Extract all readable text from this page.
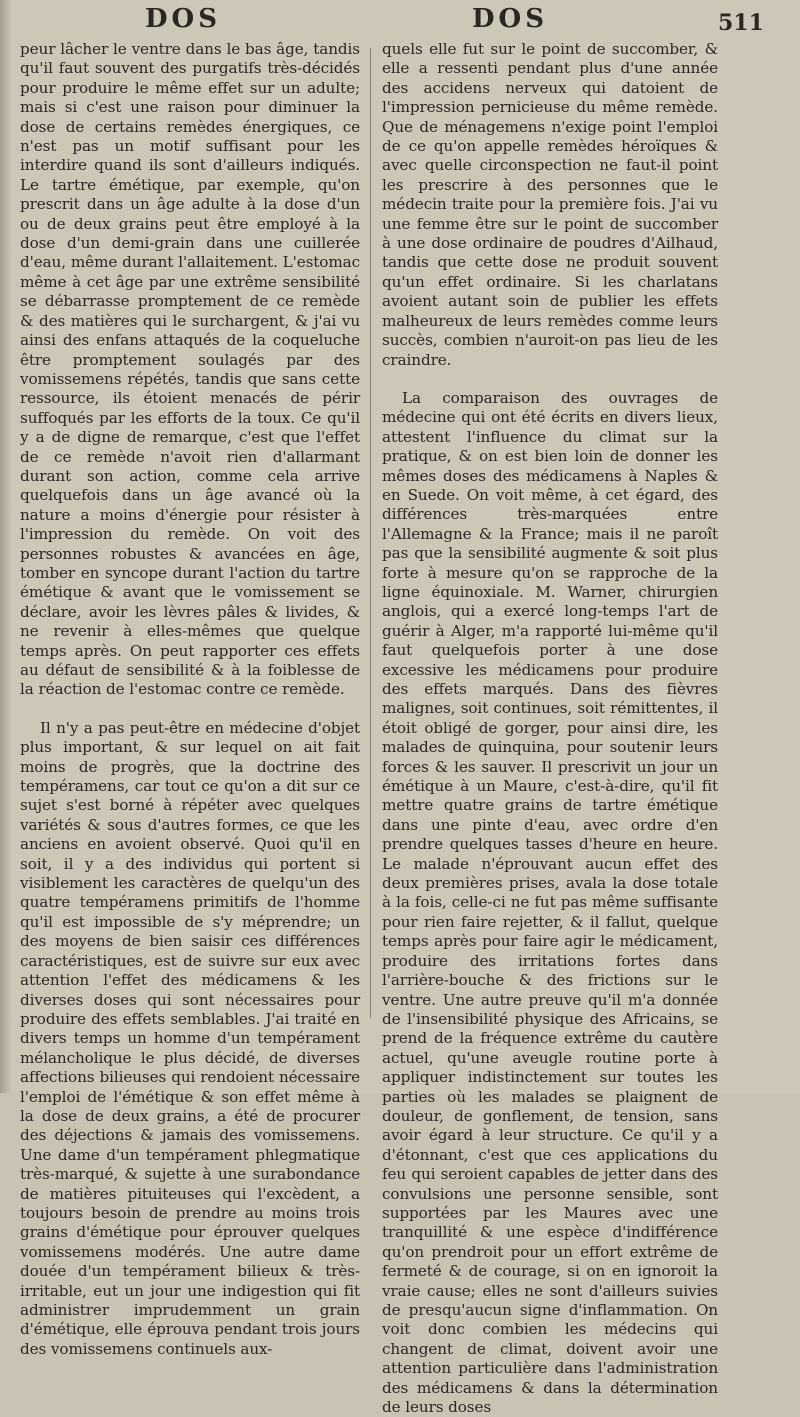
DOS	DOS	511

peur lâcher le ventre dans le bas âge, tandis qu'il faut souvent des purgatifs très-décidés pour produire le même effet sur un adulte; mais si c'est une raison pour diminuer la dose de certains remèdes énergiques, ce n'est pas un motif suffisant pour les interdire quand ils sont d'ailleurs indiqués. Le tartre émétique, par exemple, qu'on prescrit dans un âge adulte à la dose d'un ou de deux grains peut être employé à la dose d'un demi-grain dans une cuillerée d'eau, même durant l'allaitement. L'estomac même à cet âge par une extrême sensibilité se débarrasse promptement de ce remède & des matières qui le surchargent, & j'ai vu ainsi des enfans attaqués de la coqueluche être promptement soulagés par des vomissemens répétés, tandis que sans cette ressource, ils étoient menacés de périr suffoqués par les efforts de la toux. Ce qu'il y a de digne de remarque, c'est que l'effet de ce remède n'avoit rien d'allarmant durant son action, comme cela arrive quelquefois dans un âge avancé où la nature a moins d'énergie pour résister à l'impression du remède. On voit des personnes robustes & avancées en âge, tomber en syncope durant l'action du tartre émétique & avant que le vomissement se déclare, avoir les lèvres pâles & livides, & ne revenir à elles-mêmes que quelque temps après. On peut rapporter ces effets au défaut de sensibilité & à la foiblesse de la réaction de l'estomac contre ce remède.

Il n'y a pas peut-être en médecine d'objet plus important, & sur lequel on ait fait moins de progrès, que la doctrine des tempéramens, car tout ce qu'on a dit sur ce sujet s'est borné à répéter avec quelques variétés & sous d'autres formes, ce que les anciens en avoient observé. Quoi qu'il en soit, il y a des individus qui portent si visiblement les caractères de quelqu'un des quatre tempéramens primitifs de l'homme qu'il est impossible de s'y méprendre; un des moyens de bien saisir ces différences caractéristiques, est de suivre sur eux avec attention l'effet des médicamens & les diverses doses qui sont nécessaires pour produire des effets semblables. J'ai traité en divers temps un homme d'un tempérament mélancholique le plus décidé, de diverses affections bilieuses qui rendoient nécessaire l'emploi de l'émétique & son effet même à la dose de deux grains, a été de procurer des déjections & jamais des vomissemens. Une dame d'un tempérament phlegmatique très-marqué, & sujette à une surabondance de matières pituiteuses qui l'excèdent, a toujours besoin de prendre au moins trois grains d'émétique pour éprouver quelques vomissemens modérés. Une autre dame douée d'un tempérament bilieux & très-irritable, eut un jour une indigestion qui fit administrer imprudemment un grain d'émétique, elle éprouva pendant trois jours des vomissemens continuels aux-

quels elle fut sur le point de succomber, & elle a ressenti pendant plus d'une année des accidens nerveux qui datoient de l'impression pernicieuse du même remède. Que de ménagemens n'exige point l'emploi de ce qu'on appelle remèdes héroïques & avec quelle circonspection ne faut-il point les prescrire à des personnes que le médecin traite pour la première fois. J'ai vu une femme être sur le point de succomber à une dose ordinaire de poudres d'Ailhaud, tandis que cette dose ne produit souvent qu'un effet ordinaire. Si les charlatans avoient autant soin de publier les effets malheureux de leurs remèdes comme leurs succès, combien n'auroit-on pas lieu de les craindre.

La comparaison des ouvrages de médecine qui ont été écrits en divers lieux, attestent l'influence du climat sur la pratique, & on est bien loin de donner les mêmes doses des médicamens à Naples & en Suede. On voit même, à cet égard, des différences très-marquées entre l'Allemagne & la France; mais il ne paroît pas que la sensibilité augmente & soit plus forte à mesure qu'on se rapproche de la ligne équinoxiale. M. Warner, chirurgien anglois, qui a exercé long-temps l'art de guérir à Alger, m'a rapporté lui-même qu'il faut quelquefois porter à une dose excessive les médicamens pour produire des effets marqués. Dans des fièvres malignes, soit continues, soit rémittentes, il étoit obligé de gorger, pour ainsi dire, les malades de quinquina, pour soutenir leurs forces & les sauver. Il prescrivit un jour un émétique à un Maure, c'est-à-dire, qu'il fit mettre quatre grains de tartre émétique dans une pinte d'eau, avec ordre d'en prendre quelques tasses d'heure en heure. Le malade n'éprouvant aucun effet des deux premières prises, avala la dose totale à la fois, celle-ci ne fut pas même suffisante pour rien faire rejetter, & il fallut, quelque temps après pour faire agir le médicament, produire des irritations fortes dans l'arrière-bouche & des frictions sur le ventre. Une autre preuve qu'il m'a donnée de l'insensibilité physique des Africains, se prend de la fréquence extrême du cautère actuel, qu'une aveugle routine porte à appliquer indistinctement sur toutes les parties où les malades se plaignent de douleur, de gonflement, de tension, sans avoir égard à leur structure. Ce qu'il y a d'étonnant, c'est que ces applications du feu qui seroient capables de jetter dans des convulsions une personne sensible, sont supportées par les Maures avec une tranquillité & une espèce d'indifférence qu'on prendroit pour un effort extrême de fermeté & de courage, si on en ignoroit la vraie cause; elles ne sont d'ailleurs suivies de presqu'aucun signe d'inflammation. On voit donc combien les médecins qui changent de climat, doivent avoir une attention particulière dans l'administration des médicamens & dans la détermination de leurs doses
